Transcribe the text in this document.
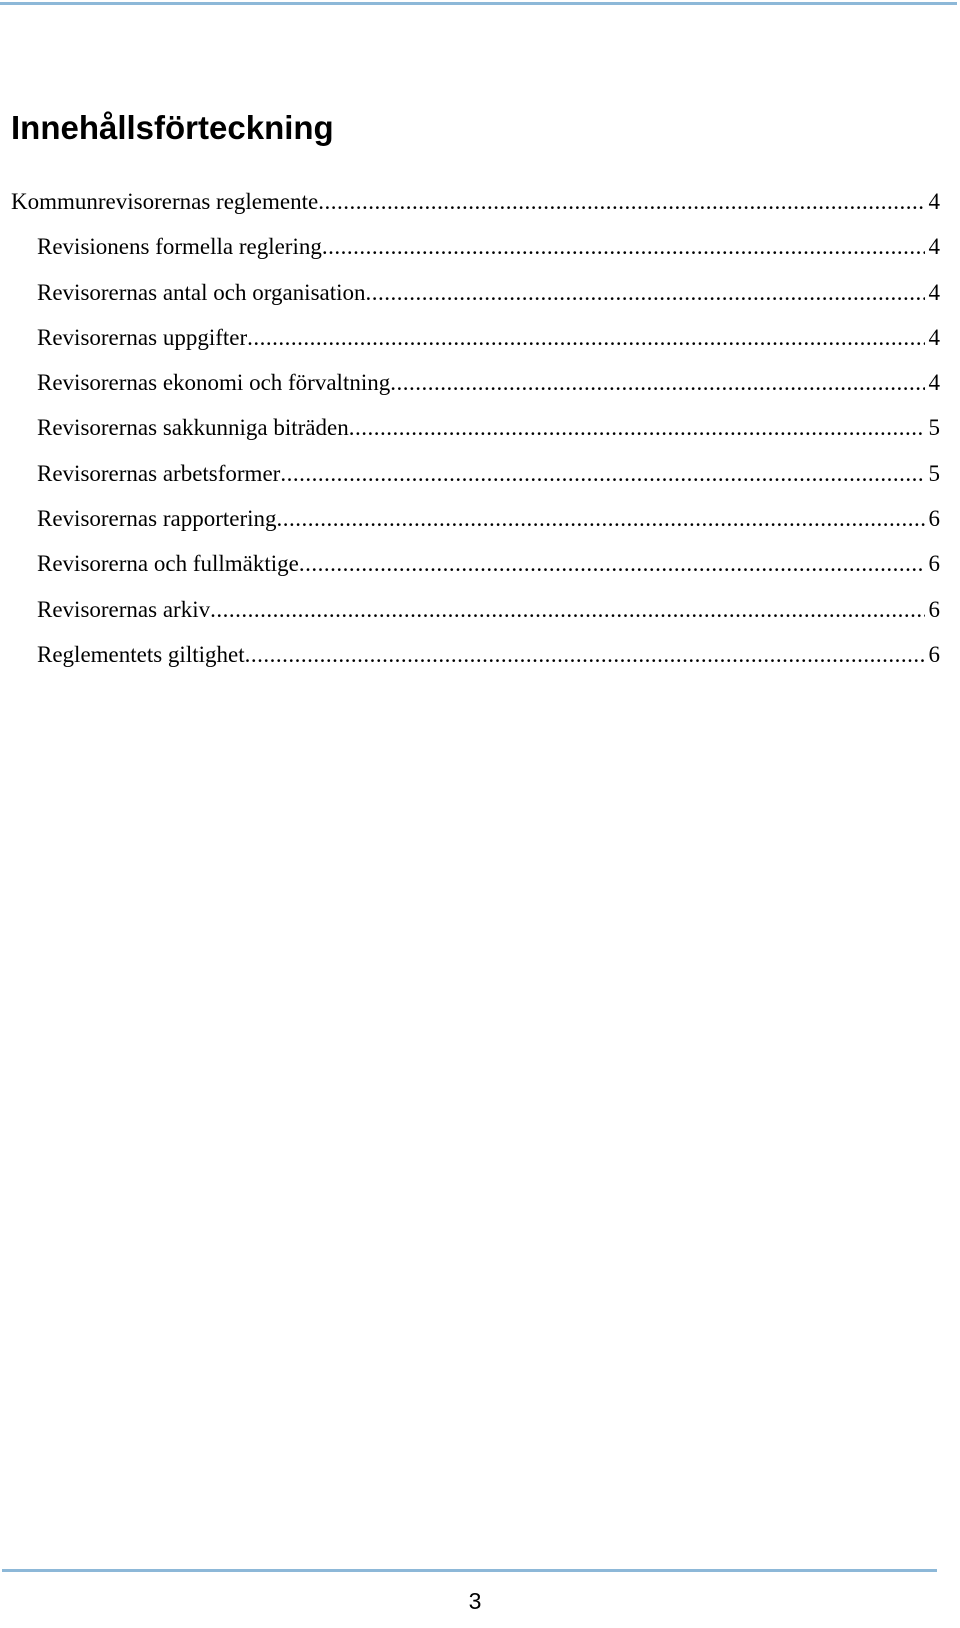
Innehållsförteckning
Kommunrevisorernas reglemente .....	4
Revisionens formella reglering .....	4
Revisorernas antal och organisation .....	4
Revisorernas uppgifter .....	4
Revisorernas ekonomi och förvaltning .....	4
Revisorernas sakkunniga biträden .....	5
Revisorernas arbetsformer .....	5
Revisorernas rapportering .....	6
Revisorerna och fullmäktige .....	6
Revisorernas arkiv .....	6
Reglementets giltighet .....	6
3
